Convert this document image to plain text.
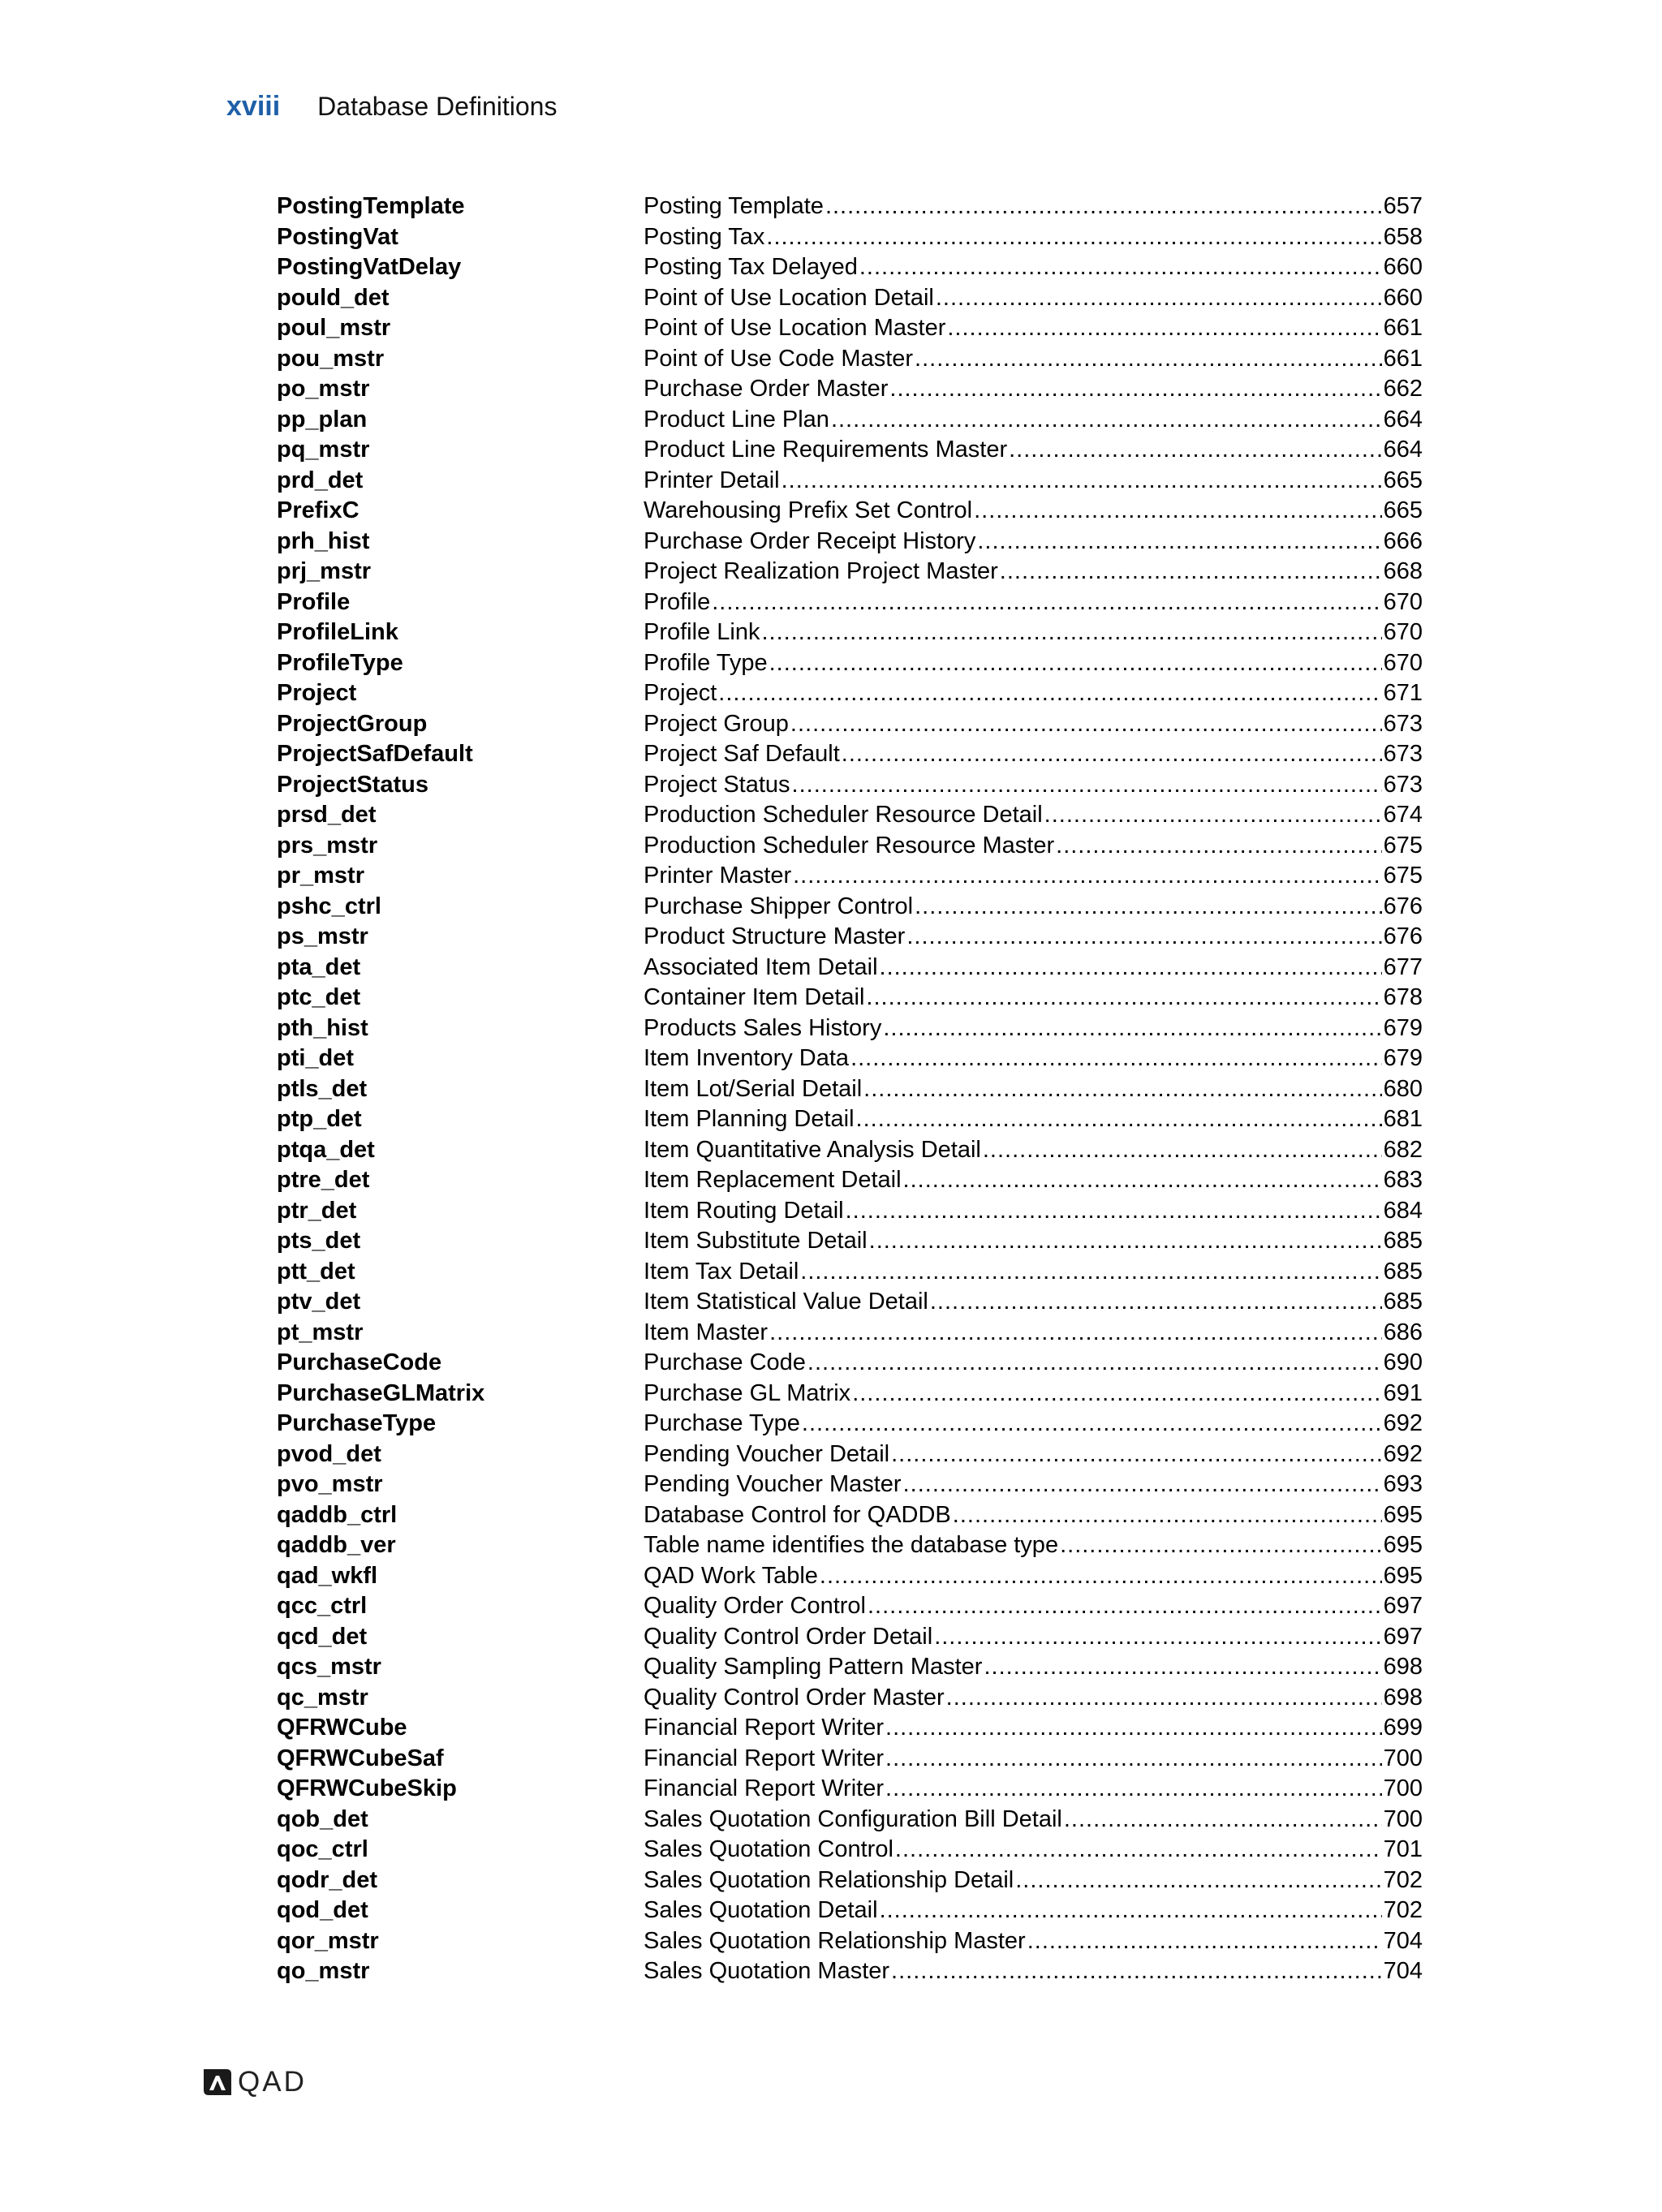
xviii Database Definitions
PostingTemplate	Posting Template .....	657
PostingVat	Posting Tax .....	658
PostingVatDelay	Posting Tax Delayed .....	660
pould_det	Point of Use Location Detail .....	660
poul_mstr	Point of Use Location Master .....	661
pou_mstr	Point of Use Code Master .....	661
po_mstr	Purchase Order Master .....	662
pp_plan	Product Line Plan .....	664
pq_mstr	Product Line Requirements Master .....	664
prd_det	Printer Detail .....	665
PrefixC	Warehousing Prefix Set Control .....	665
prh_hist	Purchase Order Receipt History .....	666
prj_mstr	Project Realization Project Master .....	668
Profile	Profile .....	670
ProfileLink	Profile Link .....	670
ProfileType	Profile Type .....	670
Project	Project .....	671
ProjectGroup	Project Group .....	673
ProjectSafDefault	Project Saf Default .....	673
ProjectStatus	Project Status .....	673
prsd_det	Production Scheduler Resource Detail .....	674
prs_mstr	Production Scheduler Resource Master .....	675
pr_mstr	Printer Master .....	675
pshc_ctrl	Purchase Shipper Control .....	676
ps_mstr	Product Structure Master .....	676
pta_det	Associated Item Detail .....	677
ptc_det	Container Item Detail .....	678
pth_hist	Products Sales History .....	679
pti_det	Item Inventory Data .....	679
ptls_det	Item Lot/Serial Detail .....	680
ptp_det	Item Planning Detail .....	681
ptqa_det	Item Quantitative Analysis Detail .....	682
ptre_det	Item Replacement Detail .....	683
ptr_det	Item Routing Detail .....	684
pts_det	Item Substitute Detail .....	685
ptt_det	Item Tax Detail .....	685
ptv_det	Item Statistical Value Detail .....	685
pt_mstr	Item Master .....	686
PurchaseCode	Purchase Code .....	690
PurchaseGLMatrix	Purchase GL Matrix .....	691
PurchaseType	Purchase Type .....	692
pvod_det	Pending Voucher Detail .....	692
pvo_mstr	Pending Voucher Master .....	693
qaddb_ctrl	Database Control for QADDB .....	695
qaddb_ver	Table name identifies the database type .....	695
qad_wkfl	QAD Work Table .....	695
qcc_ctrl	Quality Order Control .....	697
qcd_det	Quality Control Order Detail .....	697
qcs_mstr	Quality Sampling Pattern Master .....	698
qc_mstr	Quality Control Order Master .....	698
QFRWCube	Financial Report Writer .....	699
QFRWCubeSaf	Financial Report Writer .....	700
QFRWCubeSkip	Financial Report Writer .....	700
qob_det	Sales Quotation Configuration Bill Detail .....	700
qoc_ctrl	Sales Quotation Control .....	701
qodr_det	Sales Quotation Relationship Detail .....	702
qod_det	Sales Quotation Detail .....	702
qor_mstr	Sales Quotation Relationship Master .....	704
qo_mstr	Sales Quotation Master .....	704
QAD
